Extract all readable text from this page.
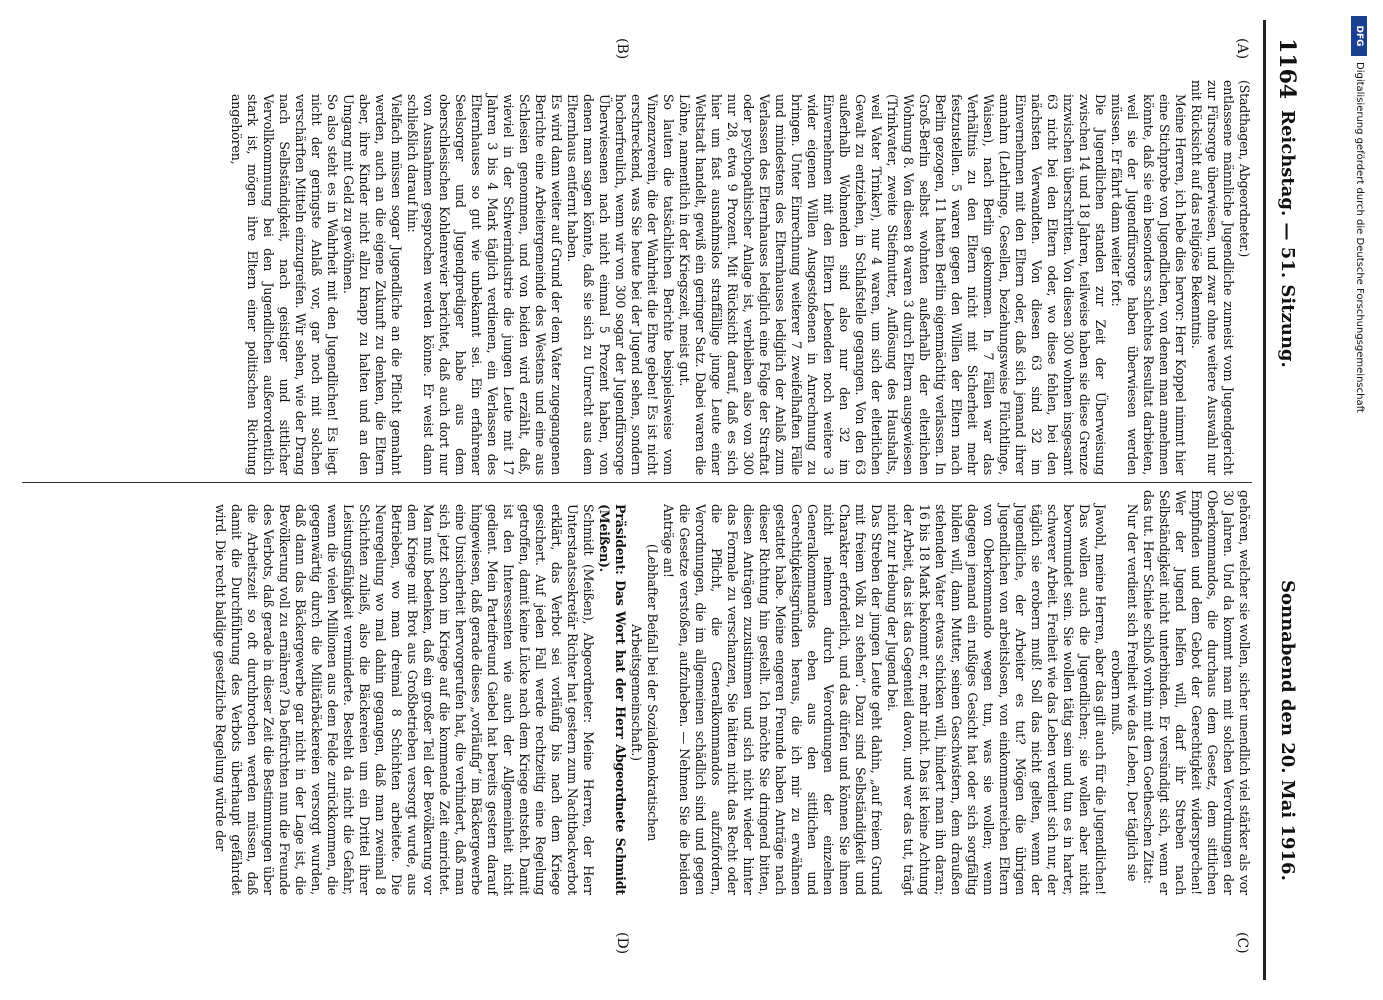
1164
Reichstag. — 51. Sitzung.
Sonnabend den 20. Mai 1916.
(A)
(B)
(C)
(D)

(Stadthagen, Abgeordneter.)

entlassene männliche Jugendliche zumeist vom Jugendgericht zur Fürsorge überwiesen, und zwar ohne weitere Auswahl nur mit Rücksicht auf das religiöse Bekenntnis.

Meine Herren, ich hebe dies hervor: Herr Koppel nimmt hier eine Stichprobe von Jugendlichen, von denen man annehmen könnte, daß sie ein besonders schlechtes Resultat darbieten, weil sie der Jugendfürsorge haben überwiesen werden müssen. Er fährt dann weiter fort:

Die Jugendlichen standen zur Zeit der Überweisung zwischen 14 und 18 Jahren, teilweise haben sie diese Grenze inzwischen überschritten. Von diesen 300 wohnen insgesamt 63 nicht bei den Eltern oder, wo diese fehlen, bei den nächsten Verwandten. Von diesen 63 sind 32 im Einvernehmen mit den Eltern oder, daß sich jemand ihrer annahm (Lehrlinge, Gesellen, beziehungsweise Flüchtlinge, Waisen), nach Berlin gekommen. In 7 Fällen war das Verhältnis zu den Eltern nicht mit Sicherheit mehr festzustellen. 5 waren gegen den Willen der Eltern nach Berlin gezogen, 11 hatten Berlin eigenmächtig verlassen. In Groß-Berlin selbst wohnten außerhalb der elterlichen Wohnung 8. Von diesen 8 waren 3 durch Eltern ausgewiesen (Trinkvater, zweite Stiefmutter, Auflösung des Haushalts, weil Vater Trinker), nur 4 waren, um sich der elterlichen Gewalt zu entziehen, in Schlafstelle gegangen. Von den 63 außerhalb Wohnenden sind also nur den 32 im Einvernehmen mit den Eltern Lebenden noch weitere 3 wider eigenen Willen Ausgestoßenen in Anrechnung zu bringen. Unter Einrechnung weiterer 7 zweifelhaften Fälle und mindestens des Elternhauses lediglich der Anlaß zum Verlassen des Elternhauses lediglich eine Folge der Straftat oder psychopathischer Anlage ist, verbleiben also von 300 nur 28, etwa 9 Prozent. Mit Rücksicht darauf, daß es sich hier um fast ausnahmslos straffällige junge Leute einer Weltstadt handelt, gewiß ein geringer Satz. Dabei waren die Löhne, namentlich in der Kriegszeit, meist gut.

So lauten die tatsächlichen Berichte beispielsweise vom Vinzenzverein, die der Wahrheit die Ehre geben! Es ist nicht erschreckend, was Sie heute bei der Jugend sehen, sondern hocherfreulich, wenn wir von 300 sogar der Jugendfürsorge Überwiesenen nach nicht einmal 5 Prozent haben, von denen man sagen könnte, daß sie sich zu Unrecht aus dem Elternhaus entfernt haben.

Es wird dann weiter auf Grund der dem Vater zugegangenen Berichte eine Arbeitergemeinde des Westens und eine aus Schlesien genommen, und von beiden wird erzählt, daß, wieviel in der Schwerindustrie die jungen Leute mit 17 Jahren 3 bis 4 Mark täglich verdienen, ein Verlassen des Elternhauses so gut wie unbekannt sei. Ein erfahrener Seelsorger und Jugendprediger habe aus dem oberschlesischen Kohlenrevier berichtet, daß auch dort nur von Ausnahmen gesprochen werden könne. Er weist dann schließlich darauf hin:

Vielfach müssen sogar Jugendliche an die Pflicht gemahnt werden, auch an die eigene Zukunft zu denken, die Eltern aber, ihre Kinder nicht allzu knapp zu halten und an den Umgang mit Geld zu gewöhnen.

So also steht es in Wahrheit mit den Jugendlichen! Es liegt nicht der geringste Anlaß vor, gar noch mit solchen verschärften Mitteln einzugreifen. Wir sehen, wie der Drang nach Selbständigkeit, nach geistiger und sittlicher Vervollkommnung bei den Jugendlichen außerordentlich stark ist, mögen ihre Eltern einer politischen Richtung angehören,

gehören, welcher sie wollen, sicher unendlich viel stärker als vor 30 Jahren. Und da kommt man mit solchen Verordnungen der Oberkommandos, die durchaus dem Gesetz, dem sittlichen Empfinden und dem Gebot der Gerechtigkeit widersprechen! Wer der Jugend helfen will, darf ihr Streben nach Selbständigkeit nicht unterbinden. Er versündigt sich, wenn er das tut. Herr Schiele schloß vorhin mit dem Goetheschen Zitat:

Nur der verdient sich Freiheit wie das Leben, Der täglich sie erobern muß.

Jawohl, meine Herren, aber das gilt auch für die Jugendlichen! Das wollen auch die Jugendlichen; sie wollen aber nicht bevormundet sein. Sie wollen tätig sein und tun es in harter, schwerer Arbeit. Freiheit wie das Leben verdient sich nur, der täglich sie erobern muß! Soll das nicht gelten, wenn der Jugendliche, der Arbeiter es tut? Mögen die übrigen Jugendlichen von arbeitslosen, von einkommenreichen Eltern von Oberkommando wegen tun, was sie wollen; wenn dagegen jemand ein rußiges Gesicht hat oder sich sorgfältig bilden will, dann Mutter, seinen Geschwistern, dem draußen stehenden Vater etwas schicken will, hindert man ihn daran; 16 bis 18 Mark bekommt er, mehr nicht. Das ist keine Achtung der Arbeit, das ist das Gegenteil davon, und wer das tut, trägt nicht zur Hebung der Jugend bei.

Das Streben der jungen Leute geht dahin, „auf freiem Grund mit freiem Volk zu stehen“. Dazu sind Selbständigkeit und Charakter erforderlich, und das dürfen und können Sie ihnen nicht nehmen durch Verordnungen der einzelnen Generalkommandos eben aus den sittlichen und Gerechtigkeitsgründen heraus, die ich mir zu erwähnen gestattet habe. Meine engeren Freunde haben Anträge nach dieser Richtung hin gestellt. Ich möchte Sie dringend bitten, diesen Anträgen zuzustimmen und sich nicht wieder hinter das Formale zu verschanzen, Sie hätten nicht das Recht oder die Pflicht, die Generalkommandos aufzufordern, Verordnungen, die im allgemeinen schädlich sind und gegen die Gesetze verstoßen, aufzuheben. — Nehmen Sie die beiden Anträge an!

(Lebhafter Beifall bei der Sozialdemokratischen Arbeitsgemeinschaft.)

Präsident: Das Wort hat der Herr Abgeordnete Schmidt (Meißen).

Schmidt (Meißen), Abgeordneter: Meine Herren, der Herr Unterstaatssekretär Richter hat gestern zum Nachtbackverbot erklärt, das Verbot sei vorläufig bis nach dem Kriege gesichert. Auf jeden Fall werde rechtzeitig eine Regelung getroffen, damit keine Lücke nach dem Kriege entsteht. Damit ist den Interessenten wie auch der Allgemeinheit nicht gedient. Mein Parteifreund Giebel hat bereits gestern darauf hingewiesen, daß gerade dieses „vorläufig“ im Bäckergewerbe eine Unsicherheit hervorgerufen hat, die verhindert, daß man sich jetzt schon im Kriege auf die kommende Zeit einrichtet. Man muß bedenken, daß ein großer Teil der Bevölkerung vor dem Kriege mit Brot aus Großbetrieben versorgt wurde, aus Betrieben, wo man dreimal 8 Schichten arbeitete. Die Neuregelung wo mal dahin gegangen, daß man zweimal 8 Schichten zuließ, also die Bäckereien um ein Drittel ihrer Leistungsfähigkeit verminderte. Besteht da nicht die Gefahr, wenn die vielen Millionen aus dem Felde zurückkommen, die gegenwärtig durch die Militärbäckereien versorgt wurden, daß dann das Bäckergewerbe gar nicht in der Lage ist, die Bevölkerung voll zu ernähren? Da befürchten nun die Freunde des Verbots, daß gerade in dieser Zeit die Bestimmungen über die Arbeitszeit so oft durchbrochen werden müssen, daß damit die Durchführung des Verbots überhaupt gefährdet wird. Die recht baldige gesetzliche Regelung würde der

DFG
Digitalisierung gefördert durch die Deutsche Forschungsgemeinschaft
